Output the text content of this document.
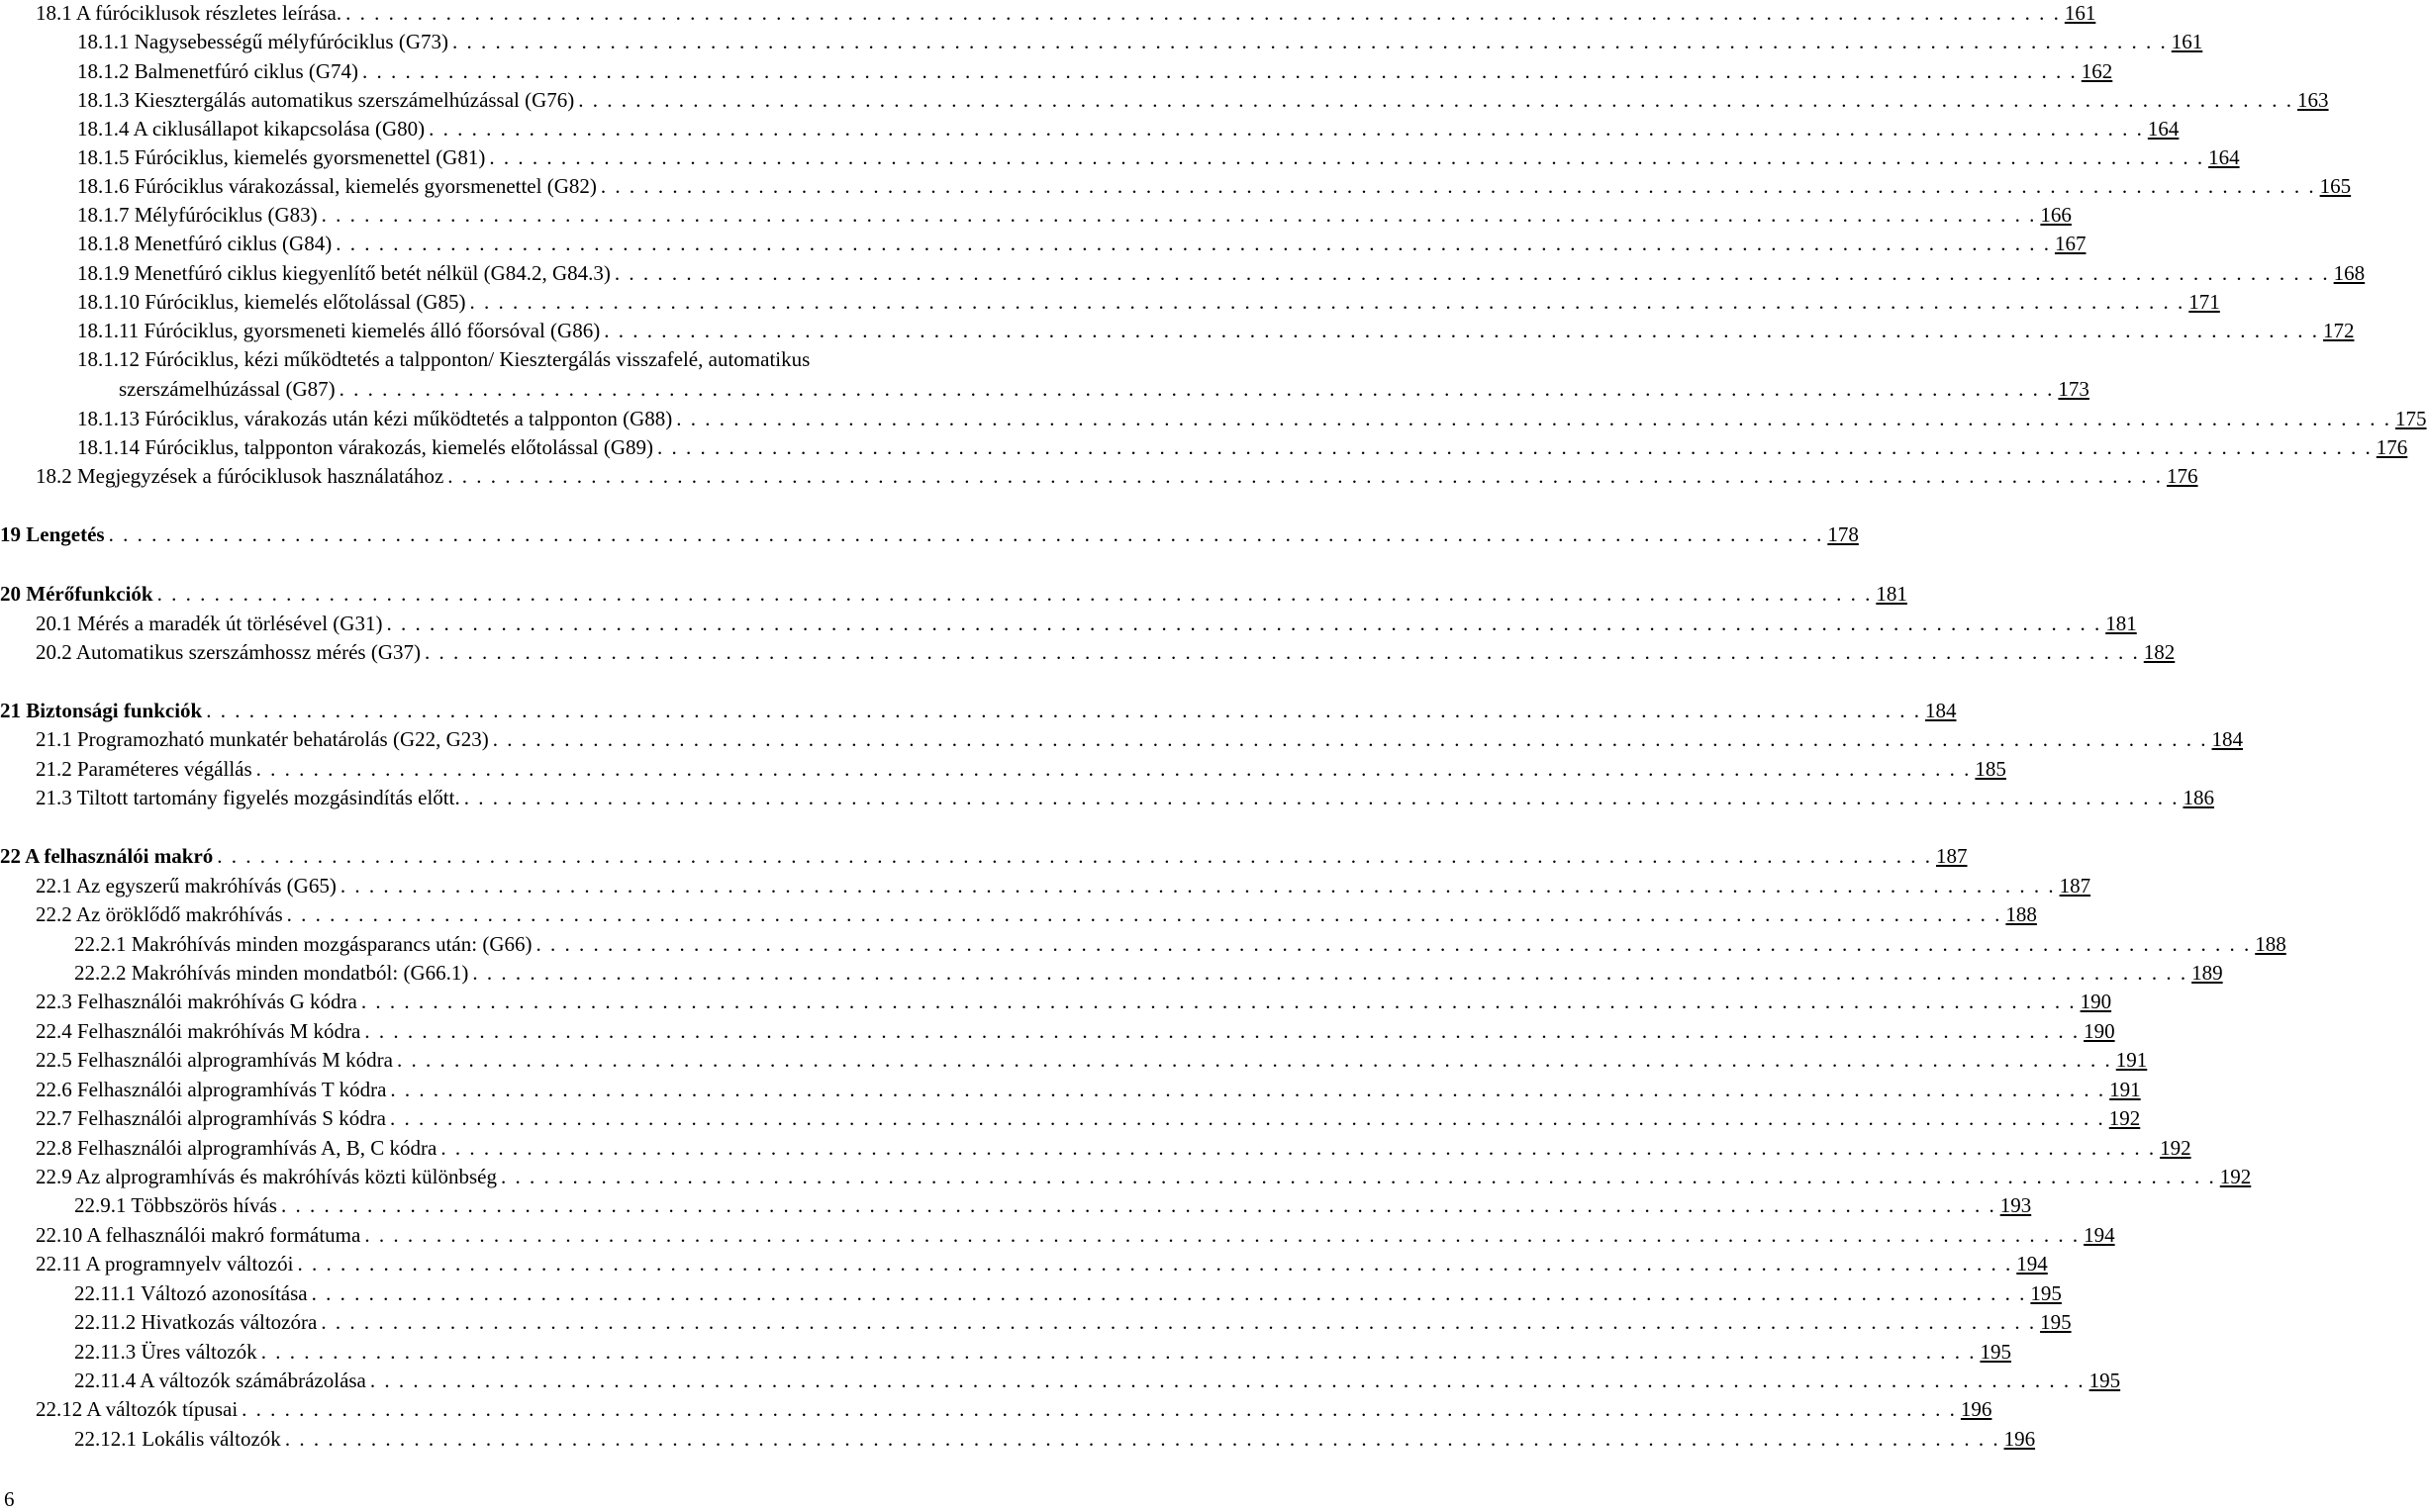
18.1 A fúróciklusok részletes leírása. . . . . . . . . . . . . . . . . . . . . . . . . . . . . . . . . . . . . . . . . . . . . . . . . . . . . . . . . . . . . . . . . . . . . . . . . . . . . . . . . . . . . . . . . . . . . . . . . . . . . . . . . . . . . . . . . . . . . . . . . 161
18.1.1 Nagysebességű mélyfúróciklus (G73) . . . . . . . . . . . . . . . . . . . . . . . . . . . . . . . . . . . . . . . . . . . . . . . . . . . . . . . . . . . . . . . . . . . . . . . . . . . . . . . . . . . . . . . . . . . . . . . . . . . . . . . . . . . . . . . . . . . . . . . . 161
18.1.2 Balmenetfúró ciklus (G74) . . . . . . . . . . . . . . . . . . . . . . . . . . . . . . . . . . . . . . . . . . . . . . . . . . . . . . . . . . . . . . . . . . . . . . . . . . . . . . . . . . . . . . . . . . . . . . . . . . . . . . . . . . . . . . . . . . . . . . . . 162
18.1.3 Kiesztergálás automatikus szerszámelhúzással (G76) . . . . . . . . . . . . . . . . . . . . . . . . . . . . . . . . . . . . . . . . . . . . . . . . . . . . . . . . . . . . . . . . . . . . . . . . . . . . . . . . . . . . . . . . . . . . . . . . . . . . . . . . . . . . . . . . . . . . . . . . 163
18.1.4 A ciklusállapot kikapcsolása (G80) . . . . . . . . . . . . . . . . . . . . . . . . . . . . . . . . . . . . . . . . . . . . . . . . . . . . . . . . . . . . . . . . . . . . . . . . . . . . . . . . . . . . . . . . . . . . . . . . . . . . . . . . . . . . . . . . . . . . . . . . 164
18.1.5 Fúróciklus, kiemelés gyorsmenettel (G81) . . . . . . . . . . . . . . . . . . . . . . . . . . . . . . . . . . . . . . . . . . . . . . . . . . . . . . . . . . . . . . . . . . . . . . . . . . . . . . . . . . . . . . . . . . . . . . . . . . . . . . . . . . . . . . . . . . . . . . . . 164
18.1.6 Fúróciklus várakozással, kiemelés gyorsmenettel (G82) . . . . . . . . . . . . . . . . . . . . . . . . . . . . . . . . . . . . . . . . . . . . . . . . . . . . . . . . . . . . . . . . . . . . . . . . . . . . . . . . . . . . . . . . . . . . . . . . . . . . . . . . . . . . . . . . . . . . . . . . 165
18.1.7 Mélyfúróciklus (G83) . . . . . . . . . . . . . . . . . . . . . . . . . . . . . . . . . . . . . . . . . . . . . . . . . . . . . . . . . . . . . . . . . . . . . . . . . . . . . . . . . . . . . . . . . . . . . . . . . . . . . . . . . . . . . . . . . . . . . . . . 166
18.1.8 Menetfúró ciklus (G84) . . . . . . . . . . . . . . . . . . . . . . . . . . . . . . . . . . . . . . . . . . . . . . . . . . . . . . . . . . . . . . . . . . . . . . . . . . . . . . . . . . . . . . . . . . . . . . . . . . . . . . . . . . . . . . . . . . . . . . . . 167
18.1.9 Menetfúró ciklus kiegyenlítő betét nélkül (G84.2, G84.3) . . . . . . . . . . . . . . . . . . . . . . . . . . . . . . . . . . . . . . . . . . . . . . . . . . . . . . . . . . . . . . . . . . . . . . . . . . . . . . . . . . . . . . . . . . . . . . . . . . . . . . . . . . . . . . . . . . . . . . . . 168
18.1.10 Fúróciklus, kiemelés előtolással (G85) . . . . . . . . . . . . . . . . . . . . . . . . . . . . . . . . . . . . . . . . . . . . . . . . . . . . . . . . . . . . . . . . . . . . . . . . . . . . . . . . . . . . . . . . . . . . . . . . . . . . . . . . . . . . . . . . . . . . . . . . 171
18.1.11 Fúróciklus, gyorsmeneti kiemelés álló főorsóval (G86) . . . . . . . . . . . . . . . . . . . . . . . . . . . . . . . . . . . . . . . . . . . . . . . . . . . . . . . . . . . . . . . . . . . . . . . . . . . . . . . . . . . . . . . . . . . . . . . . . . . . . . . . . . . . . . . . . . . . . . . . 172
18.1.12 Fúróciklus, kézi működtetés a talpponton/ Kiesztergálás visszafelé, automatikus
szerszámelhúzással (G87) . . . . . . . . . . . . . . . . . . . . . . . . . . . . . . . . . . . . . . . . . . . . . . . . . . . . . . . . . . . . . . . . . . . . . . . . . . . . . . . . . . . . . . . . . . . . . . . . . . . . . . . . . . . . . . . . . . . . . . . . 173
18.1.13 Fúróciklus, várakozás után kézi működtetés a talpponton (G88) . . . . . . . . . . . . . . . . . . . . . . . . . . . . . . . . . . . . . . . . . . . . . . . . . . . . . . . . . . . . . . . . . . . . . . . . . . . . . . . . . . . . . . . . . . . . . . . . . . . . . . . . . . . . . . . . . . . . . . . . 175
18.1.14 Fúróciklus, talpponton várakozás, kiemelés előtolással (G89) . . . . . . . . . . . . . . . . . . . . . . . . . . . . . . . . . . . . . . . . . . . . . . . . . . . . . . . . . . . . . . . . . . . . . . . . . . . . . . . . . . . . . . . . . . . . . . . . . . . . . . . . . . . . . . . . . . . . . . . . 176
18.2 Megjegyzések a fúróciklusok használatához . . . . . . . . . . . . . . . . . . . . . . . . . . . . . . . . . . . . . . . . . . . . . . . . . . . . . . . . . . . . . . . . . . . . . . . . . . . . . . . . . . . . . . . . . . . . . . . . . . . . . . . . . . . . . . . . . . . . . . . . 176
19 Lengetés . . . . . . . . . . . . . . . . . . . . . . . . . . . . . . . . . . . . . . . . . . . . . . . . . . . . . . . . . . . . . . . . . . . . . . . . . . . . . . . . . . . . . . . . . . . . . . . . . . . . . . . . . . . . . . . . . . . . . . . . 178
20 Mérőfunkciók . . . . . . . . . . . . . . . . . . . . . . . . . . . . . . . . . . . . . . . . . . . . . . . . . . . . . . . . . . . . . . . . . . . . . . . . . . . . . . . . . . . . . . . . . . . . . . . . . . . . . . . . . . . . . . . . . . . . . . . . 181
20.1 Mérés a maradék út törlésével (G31) . . . . . . . . . . . . . . . . . . . . . . . . . . . . . . . . . . . . . . . . . . . . . . . . . . . . . . . . . . . . . . . . . . . . . . . . . . . . . . . . . . . . . . . . . . . . . . . . . . . . . . . . . . . . . . . . . . . . . . . . 181
20.2 Automatikus szerszámhossz mérés (G37) . . . . . . . . . . . . . . . . . . . . . . . . . . . . . . . . . . . . . . . . . . . . . . . . . . . . . . . . . . . . . . . . . . . . . . . . . . . . . . . . . . . . . . . . . . . . . . . . . . . . . . . . . . . . . . . . . . . . . . . . 182
21 Biztonsági funkciók . . . . . . . . . . . . . . . . . . . . . . . . . . . . . . . . . . . . . . . . . . . . . . . . . . . . . . . . . . . . . . . . . . . . . . . . . . . . . . . . . . . . . . . . . . . . . . . . . . . . . . . . . . . . . . . . . . . . . . . . 184
21.1 Programozható munkatér behatárolás (G22, G23) . . . . . . . . . . . . . . . . . . . . . . . . . . . . . . . . . . . . . . . . . . . . . . . . . . . . . . . . . . . . . . . . . . . . . . . . . . . . . . . . . . . . . . . . . . . . . . . . . . . . . . . . . . . . . . . . . . . . . . . . 184
21.2 Paraméteres végállás . . . . . . . . . . . . . . . . . . . . . . . . . . . . . . . . . . . . . . . . . . . . . . . . . . . . . . . . . . . . . . . . . . . . . . . . . . . . . . . . . . . . . . . . . . . . . . . . . . . . . . . . . . . . . . . . . . . . . . . . 185
21.3 Tiltott tartomány figyelés mozgásindítás előtt. . . . . . . . . . . . . . . . . . . . . . . . . . . . . . . . . . . . . . . . . . . . . . . . . . . . . . . . . . . . . . . . . . . . . . . . . . . . . . . . . . . . . . . . . . . . . . . . . . . . . . . . . . . . . . . . . . . . . . . . . 186
22 A felhasználói makró . . . . . . . . . . . . . . . . . . . . . . . . . . . . . . . . . . . . . . . . . . . . . . . . . . . . . . . . . . . . . . . . . . . . . . . . . . . . . . . . . . . . . . . . . . . . . . . . . . . . . . . . . . . . . . . . . . . . . . . . 187
22.1 Az egyszerű makróhívás (G65) . . . . . . . . . . . . . . . . . . . . . . . . . . . . . . . . . . . . . . . . . . . . . . . . . . . . . . . . . . . . . . . . . . . . . . . . . . . . . . . . . . . . . . . . . . . . . . . . . . . . . . . . . . . . . . . . . . . . . . . . 187
22.2 Az öröklődő makróhívás . . . . . . . . . . . . . . . . . . . . . . . . . . . . . . . . . . . . . . . . . . . . . . . . . . . . . . . . . . . . . . . . . . . . . . . . . . . . . . . . . . . . . . . . . . . . . . . . . . . . . . . . . . . . . . . . . . . . . . . . 188
22.2.1 Makróhívás minden mozgásparancs után: (G66) . . . . . . . . . . . . . . . . . . . . . . . . . . . . . . . . . . . . . . . . . . . . . . . . . . . . . . . . . . . . . . . . . . . . . . . . . . . . . . . . . . . . . . . . . . . . . . . . . . . . . . . . . . . . . . . . . . . . . . . . 188
22.2.2 Makróhívás minden mondatból: (G66.1) . . . . . . . . . . . . . . . . . . . . . . . . . . . . . . . . . . . . . . . . . . . . . . . . . . . . . . . . . . . . . . . . . . . . . . . . . . . . . . . . . . . . . . . . . . . . . . . . . . . . . . . . . . . . . . . . . . . . . . . . 189
22.3 Felhasználói makróhívás G kódra . . . . . . . . . . . . . . . . . . . . . . . . . . . . . . . . . . . . . . . . . . . . . . . . . . . . . . . . . . . . . . . . . . . . . . . . . . . . . . . . . . . . . . . . . . . . . . . . . . . . . . . . . . . . . . . . . . . . . . . . 190
22.4 Felhasználói makróhívás M kódra . . . . . . . . . . . . . . . . . . . . . . . . . . . . . . . . . . . . . . . . . . . . . . . . . . . . . . . . . . . . . . . . . . . . . . . . . . . . . . . . . . . . . . . . . . . . . . . . . . . . . . . . . . . . . . . . . . . . . . . . 190
22.5 Felhasználói alprogramhívás M kódra . . . . . . . . . . . . . . . . . . . . . . . . . . . . . . . . . . . . . . . . . . . . . . . . . . . . . . . . . . . . . . . . . . . . . . . . . . . . . . . . . . . . . . . . . . . . . . . . . . . . . . . . . . . . . . . . . . . . . . . . 191
22.6 Felhasználói alprogramhívás T kódra . . . . . . . . . . . . . . . . . . . . . . . . . . . . . . . . . . . . . . . . . . . . . . . . . . . . . . . . . . . . . . . . . . . . . . . . . . . . . . . . . . . . . . . . . . . . . . . . . . . . . . . . . . . . . . . . . . . . . . . . 191
22.7 Felhasználói alprogramhívás S kódra . . . . . . . . . . . . . . . . . . . . . . . . . . . . . . . . . . . . . . . . . . . . . . . . . . . . . . . . . . . . . . . . . . . . . . . . . . . . . . . . . . . . . . . . . . . . . . . . . . . . . . . . . . . . . . . . . . . . . . . . 192
22.8 Felhasználói alprogramhívás A, B, C kódra . . . . . . . . . . . . . . . . . . . . . . . . . . . . . . . . . . . . . . . . . . . . . . . . . . . . . . . . . . . . . . . . . . . . . . . . . . . . . . . . . . . . . . . . . . . . . . . . . . . . . . . . . . . . . . . . . . . . . . . . 192
22.9 Az alprogramhívás és makróhívás közti különbség . . . . . . . . . . . . . . . . . . . . . . . . . . . . . . . . . . . . . . . . . . . . . . . . . . . . . . . . . . . . . . . . . . . . . . . . . . . . . . . . . . . . . . . . . . . . . . . . . . . . . . . . . . . . . . . . . . . . . . . . 192
22.9.1 Többszörös hívás . . . . . . . . . . . . . . . . . . . . . . . . . . . . . . . . . . . . . . . . . . . . . . . . . . . . . . . . . . . . . . . . . . . . . . . . . . . . . . . . . . . . . . . . . . . . . . . . . . . . . . . . . . . . . . . . . . . . . . . . 193
22.10 A felhasználói makró formátuma . . . . . . . . . . . . . . . . . . . . . . . . . . . . . . . . . . . . . . . . . . . . . . . . . . . . . . . . . . . . . . . . . . . . . . . . . . . . . . . . . . . . . . . . . . . . . . . . . . . . . . . . . . . . . . . . . . . . . . . . 194
22.11 A programnyelv változói . . . . . . . . . . . . . . . . . . . . . . . . . . . . . . . . . . . . . . . . . . . . . . . . . . . . . . . . . . . . . . . . . . . . . . . . . . . . . . . . . . . . . . . . . . . . . . . . . . . . . . . . . . . . . . . . . . . . . . . . 194
22.11.1 Változó azonosítása . . . . . . . . . . . . . . . . . . . . . . . . . . . . . . . . . . . . . . . . . . . . . . . . . . . . . . . . . . . . . . . . . . . . . . . . . . . . . . . . . . . . . . . . . . . . . . . . . . . . . . . . . . . . . . . . . . . . . . . . 195
22.11.2 Hivatkozás változóra . . . . . . . . . . . . . . . . . . . . . . . . . . . . . . . . . . . . . . . . . . . . . . . . . . . . . . . . . . . . . . . . . . . . . . . . . . . . . . . . . . . . . . . . . . . . . . . . . . . . . . . . . . . . . . . . . . . . . . . . 195
22.11.3 Üres változók . . . . . . . . . . . . . . . . . . . . . . . . . . . . . . . . . . . . . . . . . . . . . . . . . . . . . . . . . . . . . . . . . . . . . . . . . . . . . . . . . . . . . . . . . . . . . . . . . . . . . . . . . . . . . . . . . . . . . . . . 195
22.11.4 A változók számábrázolása . . . . . . . . . . . . . . . . . . . . . . . . . . . . . . . . . . . . . . . . . . . . . . . . . . . . . . . . . . . . . . . . . . . . . . . . . . . . . . . . . . . . . . . . . . . . . . . . . . . . . . . . . . . . . . . . . . . . . . . . 195
22.12 A változók típusai . . . . . . . . . . . . . . . . . . . . . . . . . . . . . . . . . . . . . . . . . . . . . . . . . . . . . . . . . . . . . . . . . . . . . . . . . . . . . . . . . . . . . . . . . . . . . . . . . . . . . . . . . . . . . . . . . . . . . . . . 196
22.12.1 Lokális változók . . . . . . . . . . . . . . . . . . . . . . . . . . . . . . . . . . . . . . . . . . . . . . . . . . . . . . . . . . . . . . . . . . . . . . . . . . . . . . . . . . . . . . . . . . . . . . . . . . . . . . . . . . . . . . . . . . . . . . . . 196
6
